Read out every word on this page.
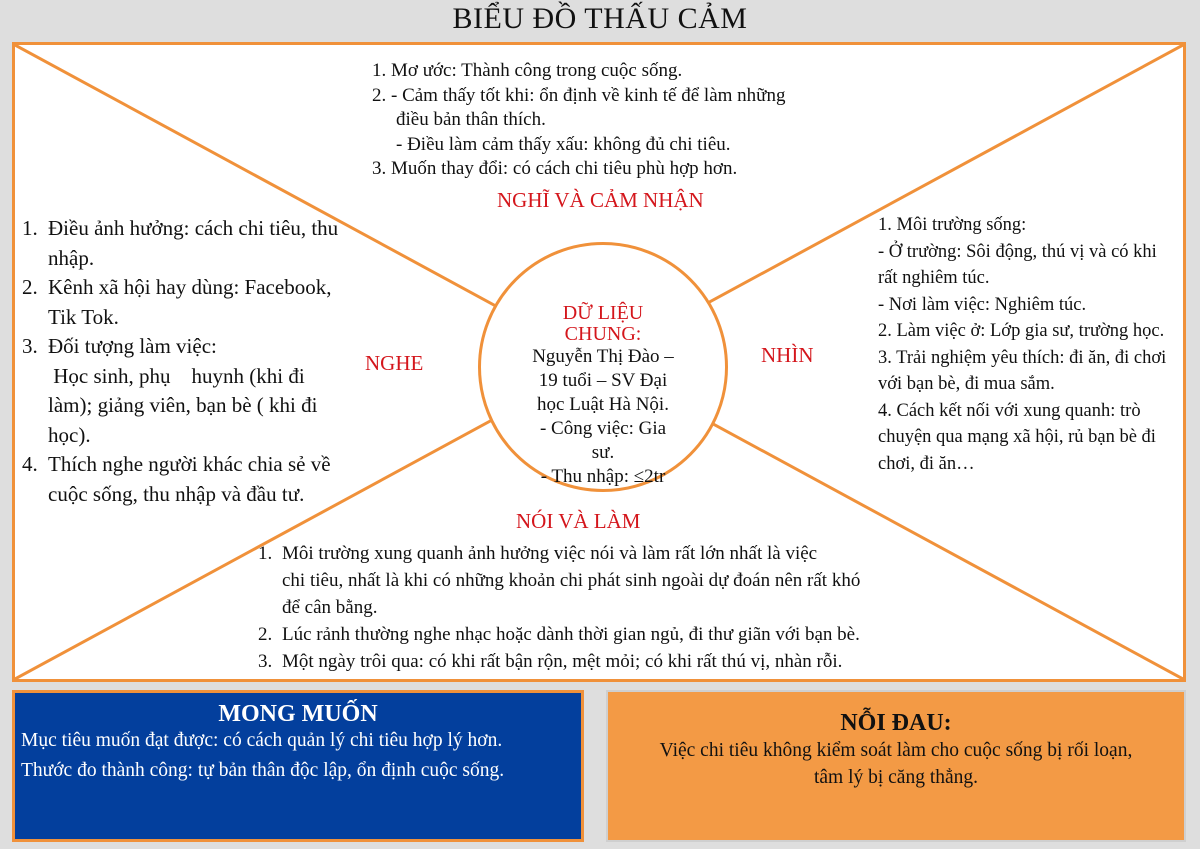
BIỂU ĐỒ THẤU CẢM
DỮ LIỆU CHUNG:
Nguyễn Thị Đào –
19 tuổi – SV Đại
học Luật Hà Nội.
- Công việc: Gia
sư.
- Thu nhập: ≤2tr
1. Mơ ước: Thành công trong cuộc sống.
2. - Cảm thấy tốt khi: ổn định về kinh tế để làm những
điều bản thân thích.
- Điều làm cảm thấy xấu: không đủ chi tiêu.
3. Muốn thay đổi: có cách chi tiêu phù hợp hơn.
NGHĨ VÀ CẢM NHẬN
NGHE	NHÌN
NÓI VÀ LÀM
1. Điều ảnh hưởng: cách chi tiêu, thu nhập.
2. Kênh xã hội hay dùng: Facebook, Tik Tok.
3. Đối tượng làm việc:
Học sinh, phụ    huynh (khi đi làm); giảng viên, bạn bè ( khi đi học).
4. Thích nghe người khác chia sẻ về cuộc sống, thu nhập và đầu tư.
1. Môi trường sống:
- Ở trường: Sôi động, thú vị và có khi rất nghiêm túc.
- Nơi làm việc: Nghiêm túc.
2. Làm việc ở: Lớp gia sư, trường học.
3. Trải nghiệm yêu thích: đi ăn, đi chơi với bạn bè, đi mua sắm.
4. Cách kết nối với xung quanh: trò chuyện qua mạng xã hội, rủ bạn bè đi chơi, đi ăn…
1. Môi trường xung quanh ảnh hưởng việc nói và làm rất lớn nhất là việc
chi tiêu, nhất là khi có những khoản chi phát sinh ngoài dự đoán nên rất khó
để cân bằng.
2. Lúc rảnh thường nghe nhạc hoặc dành thời gian ngủ, đi thư giãn với bạn bè.
3. Một ngày trôi qua: có khi rất bận rộn, mệt mỏi; có khi rất thú vị, nhàn rỗi.
MONG MUỐN
Mục tiêu muốn đạt được: có cách quản lý chi tiêu hợp lý hơn.
Thước đo thành công: tự bản thân độc lập, ổn định cuộc sống.
NỖI ĐAU:
Việc chi tiêu không kiểm soát làm cho cuộc sống bị rối loạn, tâm lý bị căng thẳng.
